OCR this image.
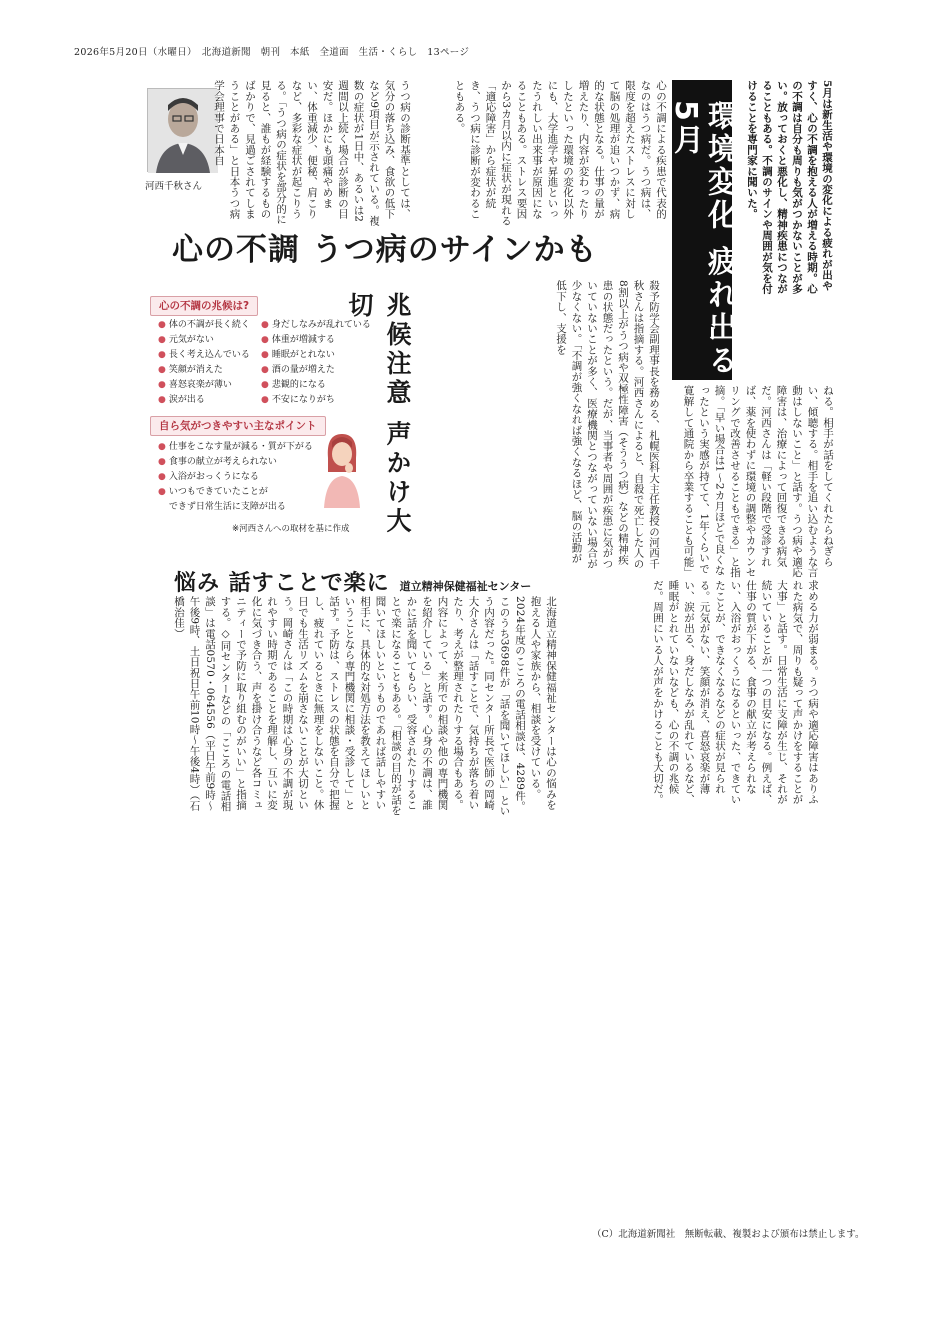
2026年5月20日（水曜日）　北海道新聞　朝刊　本紙　全道面　生活・くらし　13ページ
5月は新生活や環境の変化による疲れが出やすく、心の不調を抱える人が増える時期。心の不調は自分も周りも気がつかないことが多い。放っておくと悪化し、精神疾患につながることもある。不調のサインや周囲が気を付けることを専門家に聞いた。
環境変化 疲れ出る5月
河西千秋さん	心の不調による疾患で代表的なのはうつ病だ。うつ病は、限度を超えたストレスに対して脳の処理が追いつかず、病的な状態となる。仕事の量が増えたり、内容が変わったりしたといった環境の変化以外にも、大学進学や昇進といったうれしい出来事が原因になることもある。ストレス要因から3カ月以内に症状が現れる「適応障害」から症状が続き、うつ病に診断が変わることもある。
うつ病の診断基準としては、気分の落ち込み、食欲の低下など9項目が示されている。複数の症状が1日中、あるいは2週間以上続く場合が診断の目安だ。ほかにも頭痛やめまい、体重減少、便秘、肩こりなど、多彩な症状が起こりうる。「うつ病の症状を部分的に見ると、誰もが経験するものばかりで、見過ごされてしまうことがある」と日本うつ病学会理事で日本自
心の不調 うつ病のサインかも
兆候注意 声かけ大切	殺予防学会副理事長を務める、札幌医科大主任教授の河西千秋さんは指摘する。河西さんによると、自殺で死亡した人の8割以上がうつ病や双極性障害（そううつ病）などの精神疾患の状態だったという。だが、当事者や周囲が疾患に気がついていないことが多く、医療機関とつながっていない場合が少なくない。「不調が強くなれば強くなるほど、脳の活動が低下し、支援を
ねる。相手が話をしてくれたらねぎらい、傾聴する。相手を追い込むような言動はしないこと」と話す。うつ病や適応障害は、治療によって回復できる病気だ。河西さんは「軽い段階で受診すれば、薬を使わずに環境の調整やカウンセリングで改善させることもできる」と指摘。「早い場合は1～2カ月ほどで良くなったという実感が持てて、1年くらいで寛解して通院から卒業することも可能」
求める力が弱まる。うつ病や適応障害はありふれた病気で、周りも疑って声かけをすることが大事」と話す。日常生活に支障が生じ、それが続いていることが一つの目安になる。例えば、仕事の質が下がる、食事の献立が考えられない、入浴がおっくうになるといった、できていたことが、できなくなるなどの症状が見られる。元気がない、笑顔が消え、喜怒哀楽が薄い、涙が出る、身だしなみが乱れているなど、睡眠がとれていないなども、心の不調の兆候だ。周囲にいる人が声をかけることも大切だ。
心の不調の兆候は?
● 体の不調が長く続く	● 身だしなみが乱れている
● 元気がない	● 体重が増減する
● 長く考え込んでいる	● 睡眠がとれない
● 笑顔が消えた	● 酒の量が増えた
● 喜怒哀楽が薄い	● 悲観的になる
● 涙が出る	● 不安になりがち
自ら気がつきやすい主なポイント
● 仕事をこなす量が減る・質が下がる
● 食事の献立が考えられない
● 入浴がおっくうになる
● いつもできていたことが
できず日常生活に支障が出る
※河西さんへの取材を基に作成
悩み 話すことで楽に 道立精神保健福祉センター
北海道立精神保健福祉センターは心の悩みを抱える人や家族から、相談を受けている。2024年度のこころの電話相談は、4289件。このうち3698件が「話を聞いてほしい」という内容だった。同センター所長で医師の岡崎大介さんは「話すことで、気持ちが落ち着いたり、考えが整理されたりする場合もある。内容によって、来所での相談や他の専門機関を紹介している」と話す。心身の不調は、誰かに話を聞いてもらい、受容されたりすることで楽になることもある。「相談の目的が話を聞いてほしいというものであれば話しやすい相手に、具体的な対処方法を教えてほしいということなら専門機関に相談・受診して」と話す。予防は、ストレスの状態を自分で把握し、疲れているときに無理をしないこと。休日でも生活リズムを崩さないことが大切という。岡崎さんは「この時期は心身の不調が現れやすい時期であることを理解し、互いに変化に気づき合う、声を掛け合うなど各コミュニティーで予防に取り組むのがいい」と指摘する。◇同センターなどの「こころの電話相談」は電話0570・064556（平日午前9時～午後9時、土日祝日午前10時～午後4時）（石橋治佳）
（C）北海道新聞社　無断転載、複製および頒布は禁止します。
